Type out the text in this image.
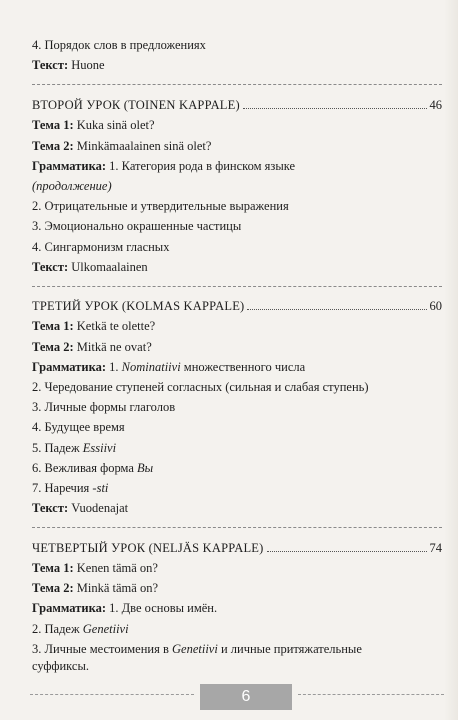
4. Порядок слов в предложениях
Текст: Huone
ВТОРОЙ УРОК (TOINEN KAPPALE)	46
Тема 1: Kuka sinä olet?
Тема 2: Minkämaalainen sinä olet?
Грамматика: 1. Категория рода в финском языке
(продолжение)
2. Отрицательные и утвердительные выражения
3. Эмоционально окрашенные частицы
4. Сингармонизм гласных
Текст: Ulkomaalainen
ТРЕТИЙ УРОК (KOLMAS KAPPALE)	60
Тема 1: Ketkä te olette?
Тема 2: Mitkä ne ovat?
Грамматика: 1. Nominatiivi множественного числа
2. Чередование ступеней согласных (сильная и слабая ступень)
3. Личные формы глаголов
4. Будущее время
5. Падеж Essiivi
6. Вежливая форма Вы
7. Наречия -sti
Текст: Vuodenajat
ЧЕТВЕРТЫЙ УРОК (NELJÄS KAPPALE)	74
Тема 1: Kenen tämä on?
Тема 2: Minkä tämä on?
Грамматика: 1. Две основы имён.
2. Падеж Genetiivi
3. Личные местоимения в Genetiivi и личные притяжательные
суффиксы.
6
